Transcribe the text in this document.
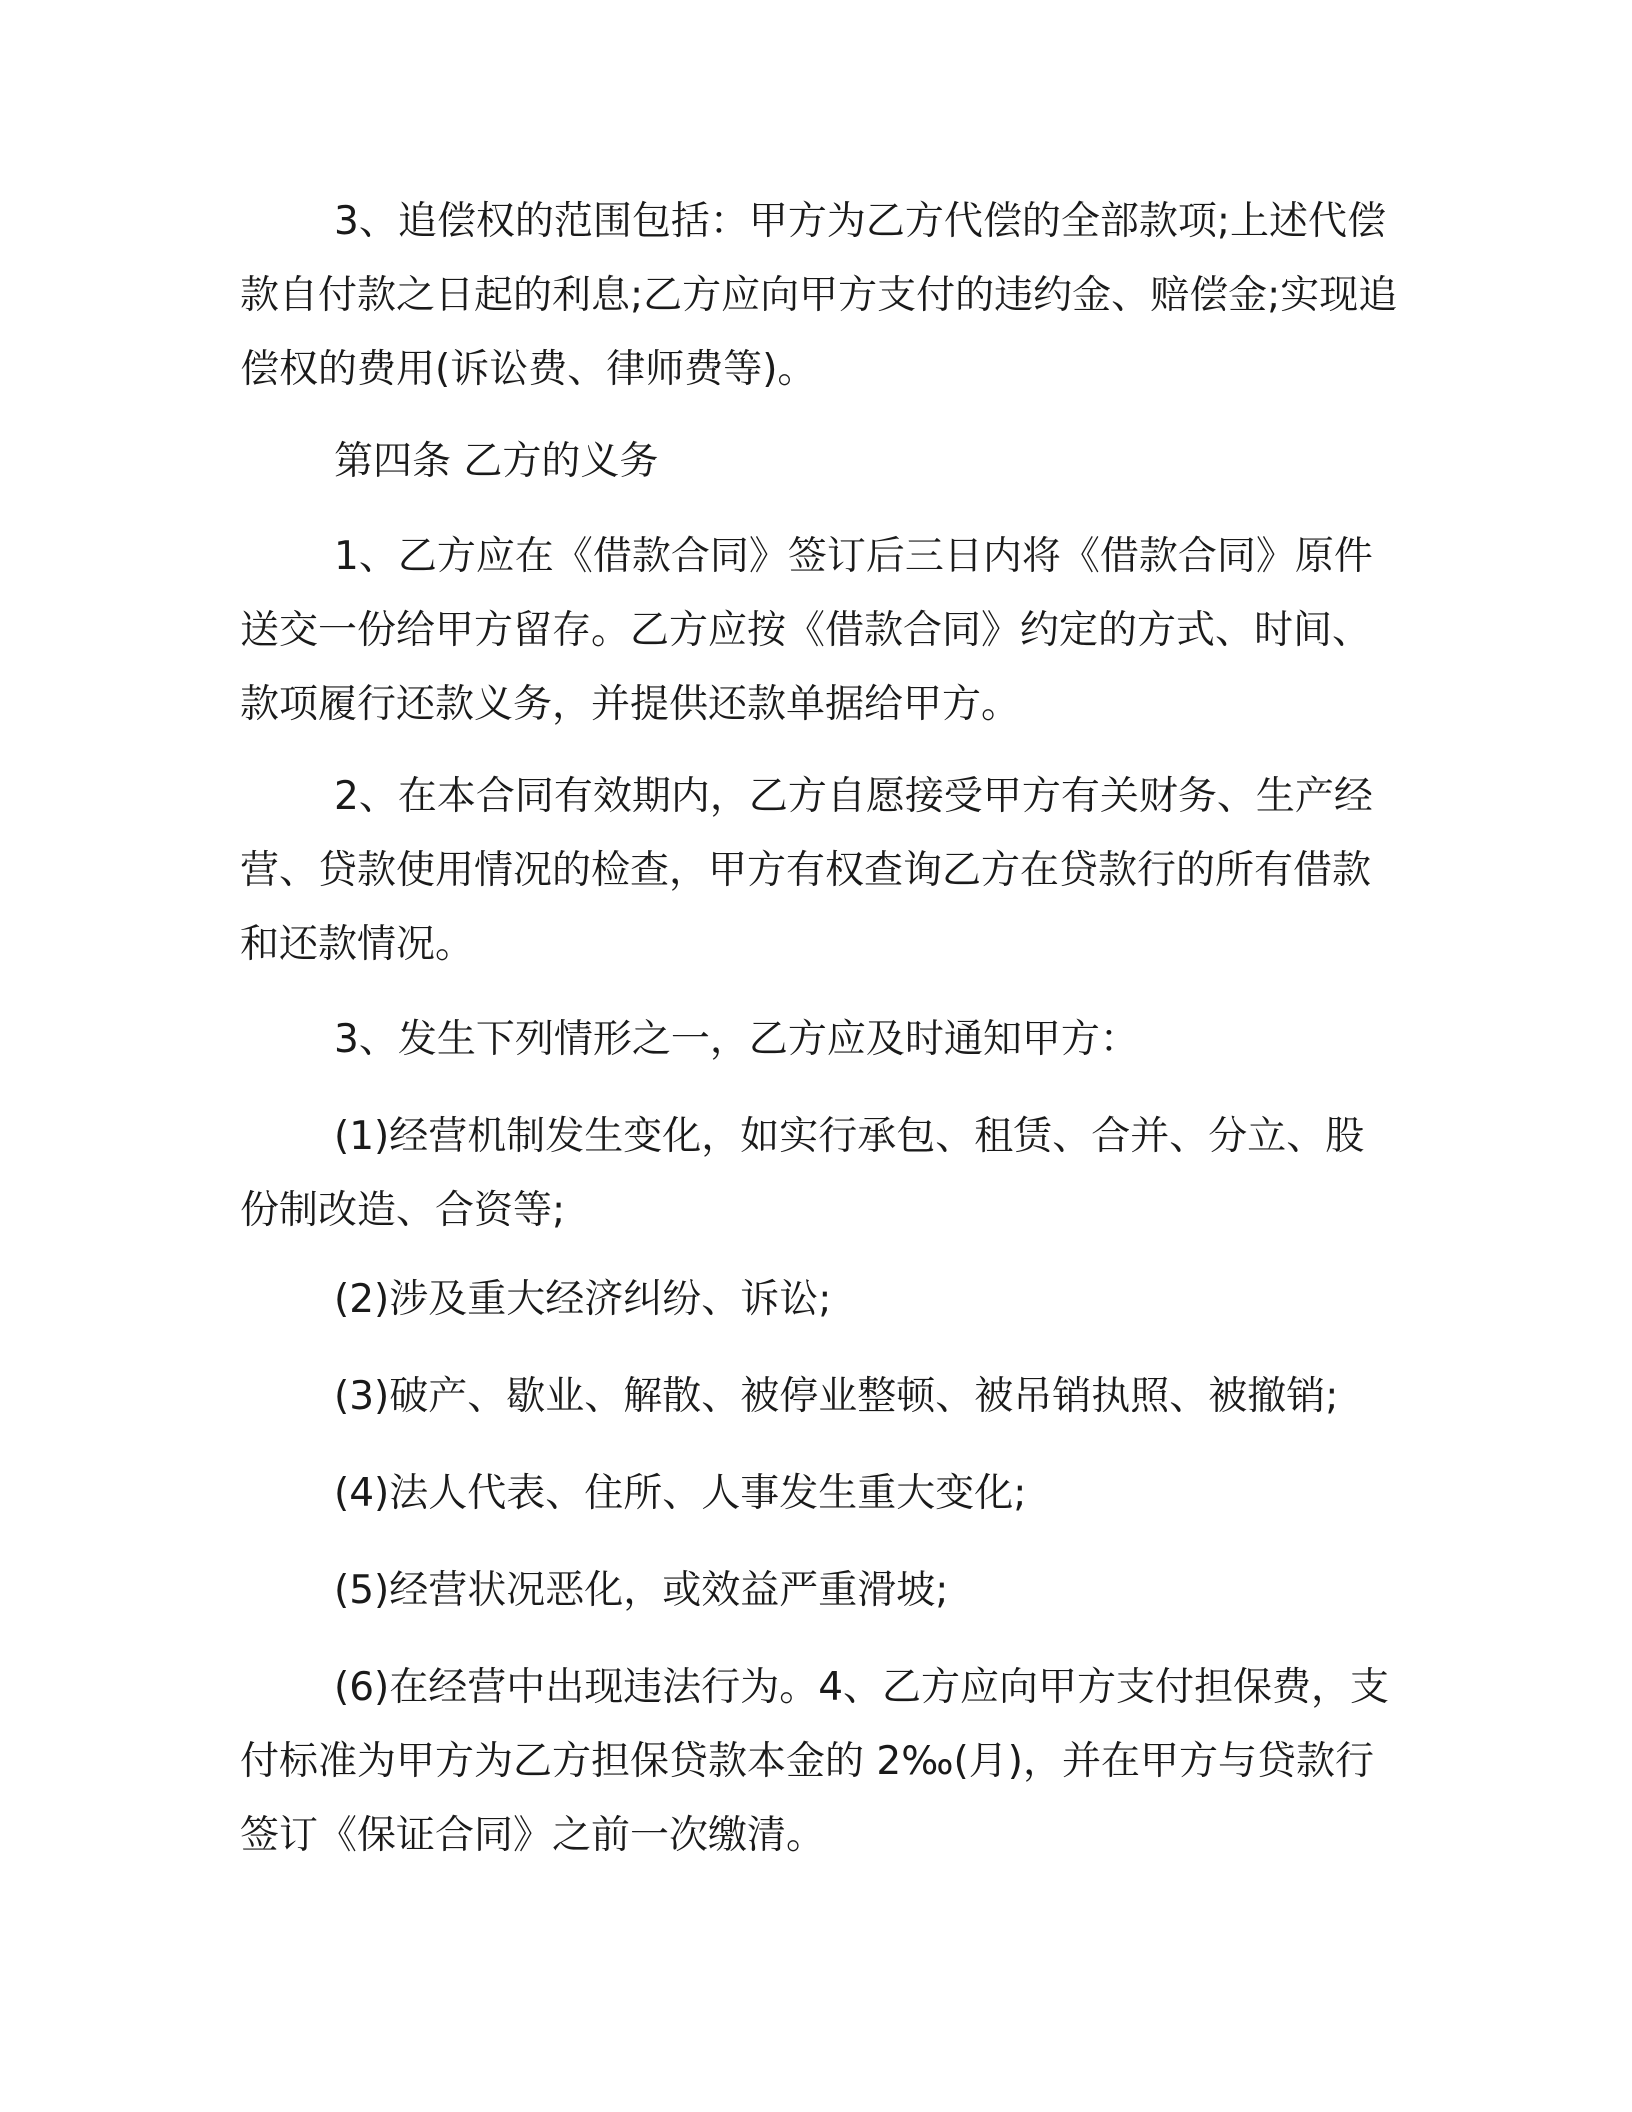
3、追偿权的范围包括：甲方为乙方代偿的全部款项;上述代偿款自付款之日起的利息;乙方应向甲方支付的违约金、赔偿金;实现追偿权的费用(诉讼费、律师费等)。

第四条 乙方的义务

1、乙方应在《借款合同》签订后三日内将《借款合同》原件送交一份给甲方留存。乙方应按《借款合同》约定的方式、时间、款项履行还款义务，并提供还款单据给甲方。

2、在本合同有效期内，乙方自愿接受甲方有关财务、生产经营、贷款使用情况的检查，甲方有权查询乙方在贷款行的所有借款和还款情况。

3、发生下列情形之一，乙方应及时通知甲方：

(1)经营机制发生变化，如实行承包、租赁、合并、分立、股份制改造、合资等;

(2)涉及重大经济纠纷、诉讼;

(3)破产、歇业、解散、被停业整顿、被吊销执照、被撤销;

(4)法人代表、住所、人事发生重大变化;

(5)经营状况恶化，或效益严重滑坡;

(6)在经营中出现违法行为。4、乙方应向甲方支付担保费，支付标准为甲方为乙方担保贷款本金的 2‰(月)，并在甲方与贷款行签订《保证合同》之前一次缴清。
